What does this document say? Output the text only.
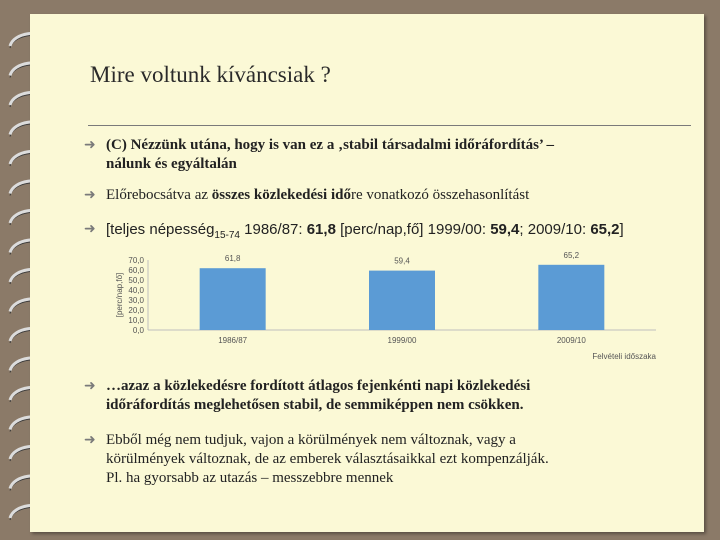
Mire voltunk kíváncsiak ?
➜ (C) Nézzünk utána, hogy is van ez a ‚stabil társadalmi időráfordítás’ –
nálunk és egyáltalán
➜ Előrebocsátva az összes közlekedési időre vonatkozó összehasonlítást
➜ [teljes népesség$_{15-74}$ 1986/87: 61,8 [perc/nap,fő] 1999/00: 59,4; 2009/10: 65,2]
[perc/nap,fő]
0,0
10,0
20,0
30,0
40,0
50,0
60,0
70,0	61,8
1986/87
59,4
1999/00
65,2
2009/10
Felvételi időszaka
➜ …azaz a közlekedésre fordított átlagos fejenkénti napi közlekedési
időráfordítás meglehetősen stabil, de semmiképpen nem csökken.
➜ Ebből még nem tudjuk, vajon a körülmények nem változnak, vagy a
körülmények változnak, de az emberek választásaikkal ezt kompenzálják.
Pl. ha gyorsabb az utazás – messzebbre mennek
